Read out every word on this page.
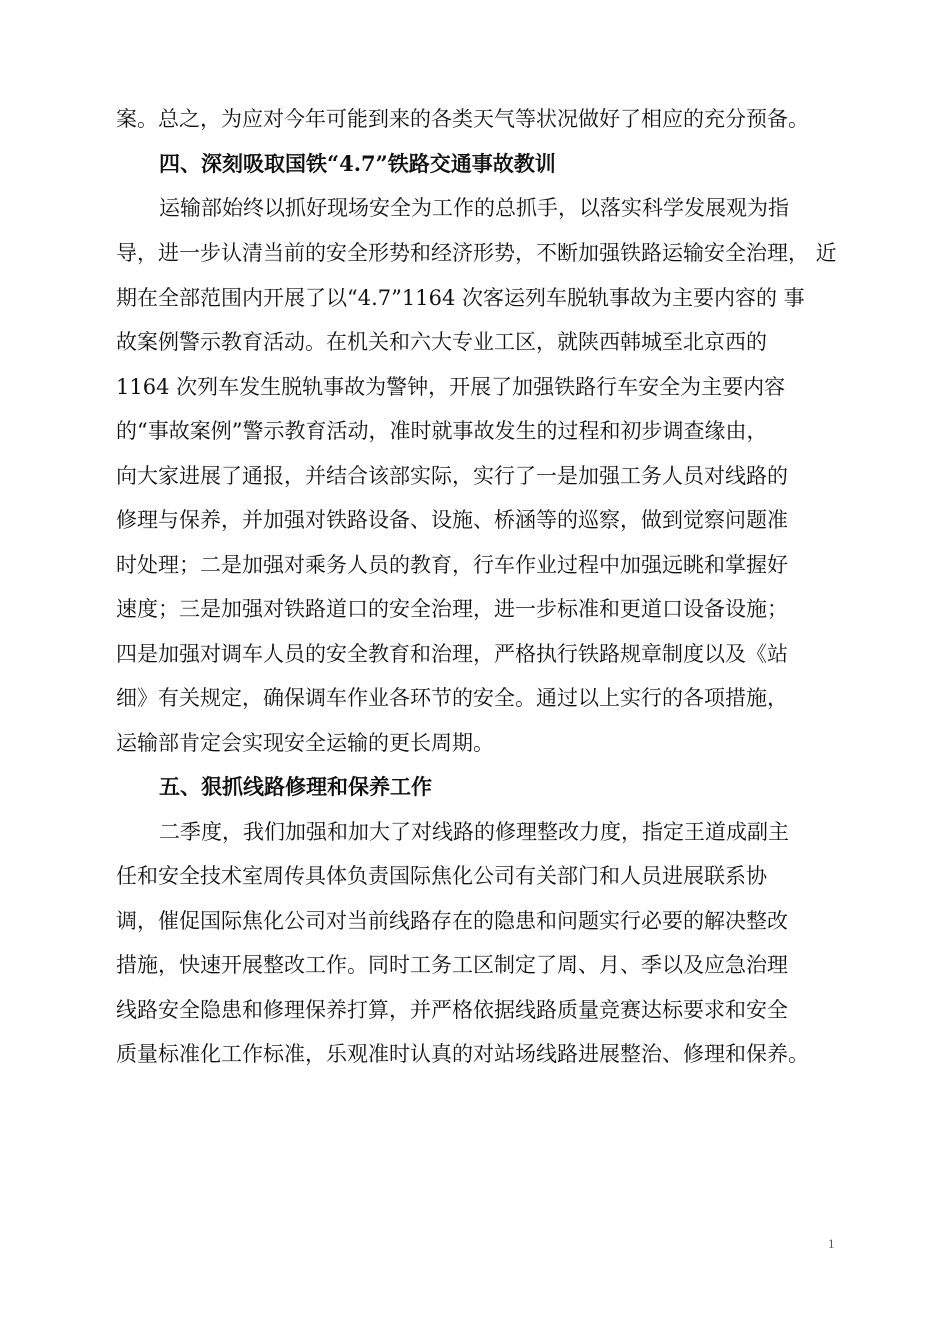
案。总之，为应对今年可能到来的各类天气等状况做好了相应的充分预备。
四、深刻吸取国铁“4.7”铁路交通事故教训
运输部始终以抓好现场安全为工作的总抓手，以落实科学发展观为指
导，进一步认清当前的安全形势和经济形势，不断加强铁路运输安全治理， 近
期在全部范围内开展了以“4.7”1164 次客运列车脱轨事故为主要内容的 事
故案例警示教育活动。在机关和六大专业工区，就陕西韩城至北京西的
1164 次列车发生脱轨事故为警钟，开展了加强铁路行车安全为主要内容
的“事故案例”警示教育活动，准时就事故发生的过程和初步调查缘由，
向大家进展了通报，并结合该部实际，实行了一是加强工务人员对线路的
修理与保养，并加强对铁路设备、设施、桥涵等的巡察，做到觉察问题准
时处理；二是加强对乘务人员的教育，行车作业过程中加强远眺和掌握好
速度；三是加强对铁路道口的安全治理，进一步标准和更道口设备设施；
四是加强对调车人员的安全教育和治理，严格执行铁路规章制度以及《站
细》有关规定，确保调车作业各环节的安全。通过以上实行的各项措施，
运输部肯定会实现安全运输的更长周期。
五、狠抓线路修理和保养工作
二季度，我们加强和加大了对线路的修理整改力度，指定王道成副主
任和安全技术室周传具体负责国际焦化公司有关部门和人员进展联系协
调，催促国际焦化公司对当前线路存在的隐患和问题实行必要的解决整改
措施，快速开展整改工作。同时工务工区制定了周、月、季以及应急治理
线路安全隐患和修理保养打算，并严格依据线路质量竞赛达标要求和安全
质量标准化工作标准，乐观准时认真的对站场线路进展整治、修理和保养。
1
